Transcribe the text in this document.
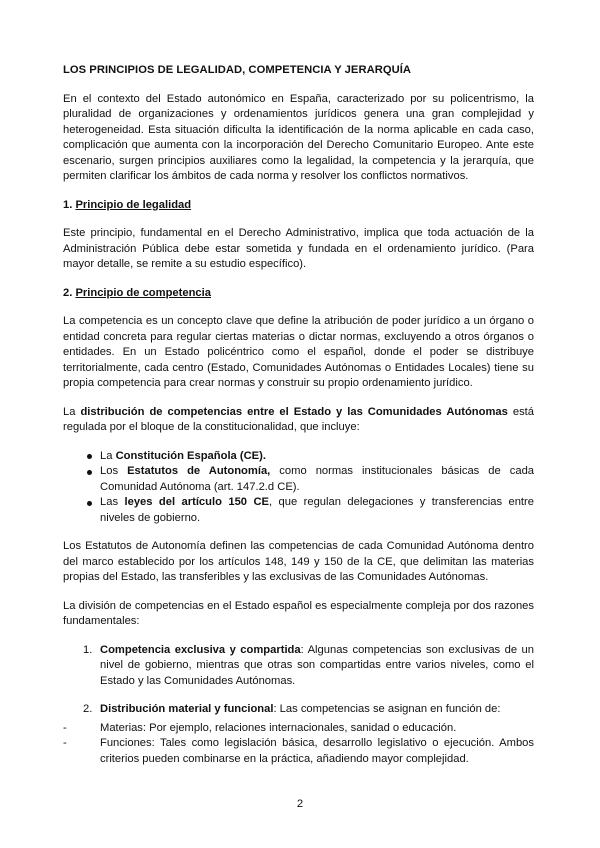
LOS PRINCIPIOS DE LEGALIDAD, COMPETENCIA Y JERARQUÍA

En el contexto del Estado autonómico en España, caracterizado por su policentrismo, la pluralidad de organizaciones y ordenamientos jurídicos genera una gran complejidad y heterogeneidad. Esta situación dificulta la identificación de la norma aplicable en cada caso, complicación que aumenta con la incorporación del Derecho Comunitario Europeo. Ante este escenario, surgen principios auxiliares como la legalidad, la competencia y la jerarquía, que permiten clarificar los ámbitos de cada norma y resolver los conflictos normativos.

1. Principio de legalidad

Este principio, fundamental en el Derecho Administrativo, implica que toda actuación de la Administración Pública debe estar sometida y fundada en el ordenamiento jurídico. (Para mayor detalle, se remite a su estudio específico).

2. Principio de competencia

La competencia es un concepto clave que define la atribución de poder jurídico a un órgano o entidad concreta para regular ciertas materias o dictar normas, excluyendo a otros órganos o entidades. En un Estado policéntrico como el español, donde el poder se distribuye territorialmente, cada centro (Estado, Comunidades Autónomas o Entidades Locales) tiene su propia competencia para crear normas y construir su propio ordenamiento jurídico.

La distribución de competencias entre el Estado y las Comunidades Autónomas está regulada por el bloque de la constitucionalidad, que incluye:

La Constitución Española (CE).
Los Estatutos de Autonomía, como normas institucionales básicas de cada Comunidad Autónoma (art. 147.2.d CE).
Las leyes del artículo 150 CE, que regulan delegaciones y transferencias entre niveles de gobierno.

Los Estatutos de Autonomía definen las competencias de cada Comunidad Autónoma dentro del marco establecido por los artículos 148, 149 y 150 de la CE, que delimitan las materias propias del Estado, las transferibles y las exclusivas de las Comunidades Autónomas.

La división de competencias en el Estado español es especialmente compleja por dos razones fundamentales:

1. Competencia exclusiva y compartida: Algunas competencias son exclusivas de un nivel de gobierno, mientras que otras son compartidas entre varios niveles, como el Estado y las Comunidades Autónomas.
2. Distribución material y funcional: Las competencias se asignan en función de:
- Materias: Por ejemplo, relaciones internacionales, sanidad o educación.
- Funciones: Tales como legislación básica, desarrollo legislativo o ejecución. Ambos criterios pueden combinarse en la práctica, añadiendo mayor complejidad.
2
